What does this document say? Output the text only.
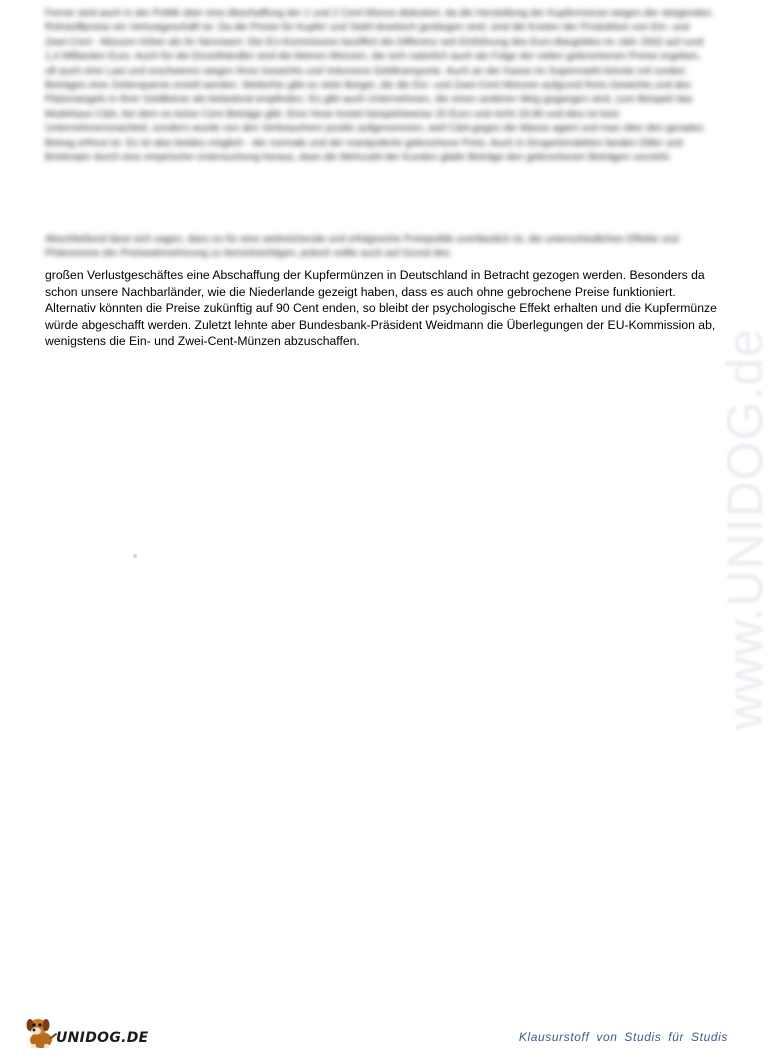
www.UNIDOG.de
Ferner wird auch in der Politik über eine Abschaffung der 1 und 2 Cent Münze diskutiert, da die Herstellung der Kupfermünze wegen der steigenden Rohstoffpreise ein Verlustgeschäft ist. Da die Preise für Kupfer und Stahl drastisch gestiegen sind, sind die Kosten der Produktion von Ein- und Zwei-Cent - Münzen höher als ihr Nennwert. Die EU-Kommission beziffert die Differenz seit Einführung des Euro-Bargeldes im Jahr 2002 auf rund 1,4 Milliarden Euro. Auch für die Einzelhändler sind die kleinen Münzen, die sich natürlich auch als Folge der vielen gebrochenen Preise ergeben, oft auch eine Last und erschweren wegen ihres Gewichts und Volumens Geldtransporte. Auch an der Kasse im Supermarkt könnte mit runden Beträgen eine Zeitersparnis erzielt werden. Weiterhin gibt es viele Bürger, die die Ein- und Zwei-Cent Münzen aufgrund ihres Gewichts und des Platzmangels in ihrer Geldbörse als belastend empfinden. Es gibt auch Unternehmen, die einen anderen Weg gegangen sind, zum Beispiel das Modehaus C&A, bei dem es keine Cent Beträge gibt. Eine Hose kostet beispielsweise 20 Euro und nicht 19,90 und dies ist kein Unternehmensnachteil, sondern wurde von den Verbrauchern positiv aufgenommen, weil C&A gegen die Masse agiert und man über den geraden Betrag erfreut ist. Es ist also beides möglich - der normale und der manipulierte gebrochene Preis. Auch in Drogeriemärkten fanden Diller und Brielmaier durch eine empirische Untersuchung heraus, dass die Mehrzahl der Kunden glatte Beträge den gebrochenen Beträgen vorzieht.
Abschließend lässt sich sagen, dass es für eine weitreichende und erfolgreiche Preispolitik unerlässlich ist, die unterschiedlichen Effekte und Phänomene der Preiswahrnehmung zu berücksichtigen, jedoch sollte auch auf Grund des
großen Verlustgeschäftes eine Abschaffung der Kupfermünzen in Deutschland in Betracht gezogen werden. Besonders da
schon unsere Nachbarländer, wie die Niederlande gezeigt haben, dass es auch ohne gebrochene Preise funktioniert.
Alternativ könnten die Preise zukünftig auf 90 Cent enden, so bleibt der psychologische Effekt erhalten und die Kupfermünze
würde abgeschafft werden. Zuletzt lehnte aber Bundesbank-Präsident Weidmann die Überlegungen der EU-Kommission ab,
wenigstens die Ein- und Zwei-Cent-Münzen abzuschaffen.
UNIDOG.DE	Klausurstoff von Studis für Studis
